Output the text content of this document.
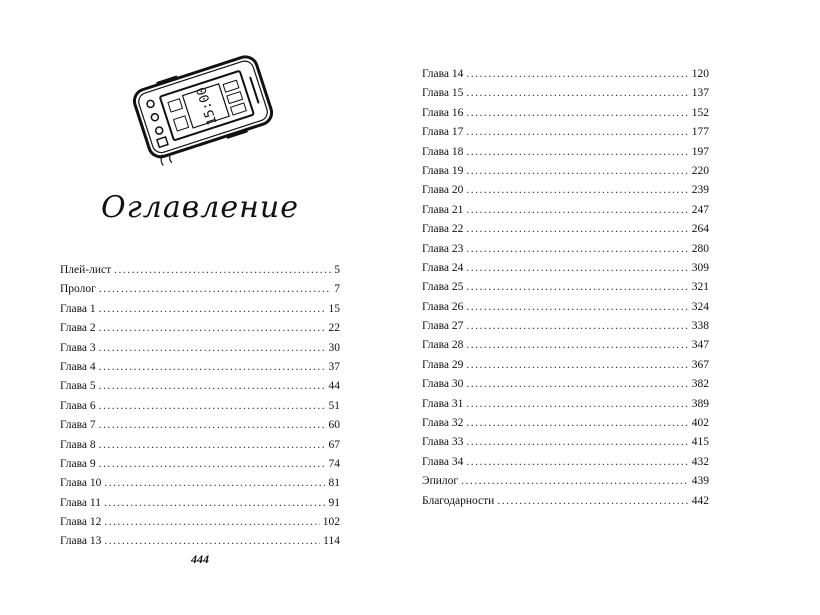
15:00
Оглавление
Плей-лист .....	5
Пролог .....	7
Глава 1 .....	15
Глава 2 .....	22
Глава 3 .....	30
Глава 4 .....	37
Глава 5 .....	44
Глава 6 .....	51
Глава 7 .....	60
Глава 8 .....	67
Глава 9 .....	74
Глава 10 .....	81
Глава 11 .....	91
Глава 12 .....	102
Глава 13 .....	114
444
Глава 14 .....	120
Глава 15 .....	137
Глава 16 .....	152
Глава 17 .....	177
Глава 18 .....	197
Глава 19 .....	220
Глава 20 .....	239
Глава 21 .....	247
Глава 22 .....	264
Глава 23 .....	280
Глава 24 .....	309
Глава 25 .....	321
Глава 26 .....	324
Глава 27 .....	338
Глава 28 .....	347
Глава 29 .....	367
Глава 30 .....	382
Глава 31 .....	389
Глава 32 .....	402
Глава 33 .....	415
Глава 34 .....	432
Эпилог .....	439
Благодарности .....	442
